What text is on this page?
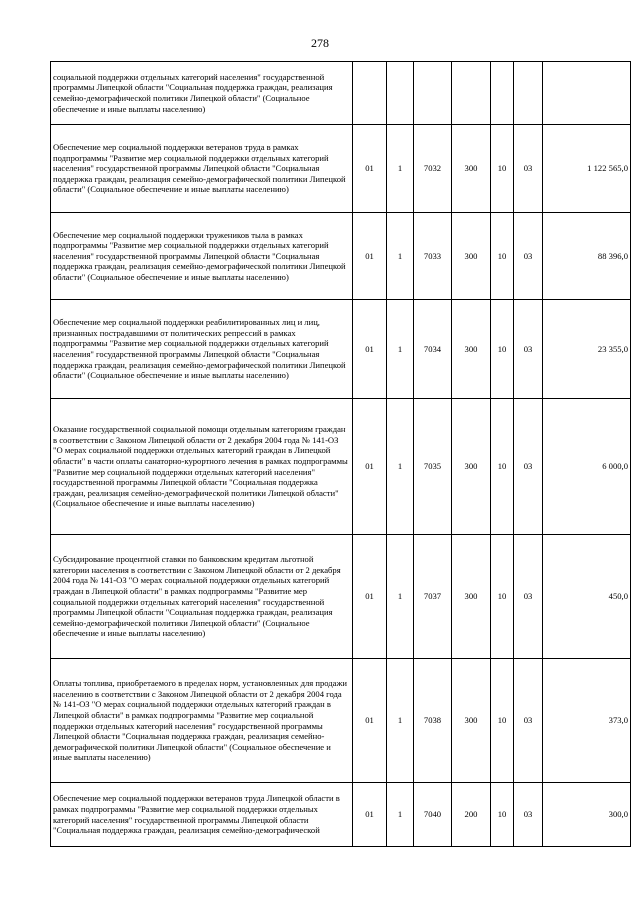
278
социальной поддержки отдельных категорий населения" государственной программы Липецкой области "Социальная поддержка граждан, реализация семейно-демографической политики Липецкой области" (Социальное обеспечение и иные выплаты населению)							
Обеспечение мер социальной поддержки ветеранов труда в рамках подпрограммы "Развитие мер социальной поддержки отдельных категорий населения" государственной программы Липецкой области "Социальная поддержка граждан, реализация семейно-демографической политики Липецкой области" (Социальное обеспечение и иные выплаты населению)	01	1	7032	300	10	03	1 122 565,0
Обеспечение мер социальной поддержки тружеников тыла в рамках подпрограммы "Развитие мер социальной поддержки отдельных категорий населения" государственной программы Липецкой области "Социальная поддержка граждан, реализация семейно-демографической политики Липецкой области" (Социальное обеспечение и иные выплаты населению)	01	1	7033	300	10	03	88 396,0
Обеспечение мер социальной поддержки реабилитированных лиц и лиц, признанных пострадавшими от политических репрессий в рамках подпрограммы "Развитие мер социальной поддержки отдельных категорий населения" государственной программы Липецкой области "Социальная поддержка граждан, реализация семейно-демографической политики Липецкой области" (Социальное обеспечение и иные выплаты населению)	01	1	7034	300	10	03	23 355,0
Оказание государственной социальной помощи отдельным категориям граждан в соответствии с Законом Липецкой области от 2 декабря 2004 года № 141-ОЗ "О мерах социальной поддержки отдельных категорий граждан в Липецкой области" в части оплаты санаторно-курортного лечения в рамках подпрограммы "Развитие мер социальной поддержки отдельных категорий населения" государственной программы Липецкой области "Социальная поддержка граждан, реализация семейно-демографической политики Липецкой области" (Социальное обеспечение и иные выплаты населению)	01	1	7035	300	10	03	6 000,0
Субсидирование процентной ставки по банковским кредитам льготной категории населения в соответствии с Законом Липецкой области от 2 декабря 2004 года № 141-ОЗ "О мерах социальной поддержки отдельных категорий граждан в Липецкой области" в рамках подпрограммы "Развитие мер социальной поддержки отдельных категорий населения" государственной программы Липецкой области "Социальная поддержка граждан, реализация семейно-демографической политики Липецкой области" (Социальное обеспечение и иные выплаты населению)	01	1	7037	300	10	03	450,0
Оплаты топлива, приобретаемого в пределах норм, установленных для продажи населению в соответствии с Законом Липецкой области от 2 декабря 2004 года № 141-ОЗ "О мерах социальной поддержки отдельных категорий граждан в Липецкой области" в рамках подпрограммы "Развитие мер социальной поддержки отдельных категорий населения" государственной программы Липецкой области "Социальная поддержка граждан, реализация семейно-демографической политики Липецкой области" (Социальное обеспечение и иные выплаты населению)	01	1	7038	300	10	03	373,0
Обеспечение мер социальной поддержки ветеранов труда Липецкой области в рамках подпрограммы "Развитие мер социальной поддержки отдельных категорий населения" государственной программы Липецкой области "Социальная поддержка граждан, реализация семейно-демографической	01	1	7040	200	10	03	300,0
